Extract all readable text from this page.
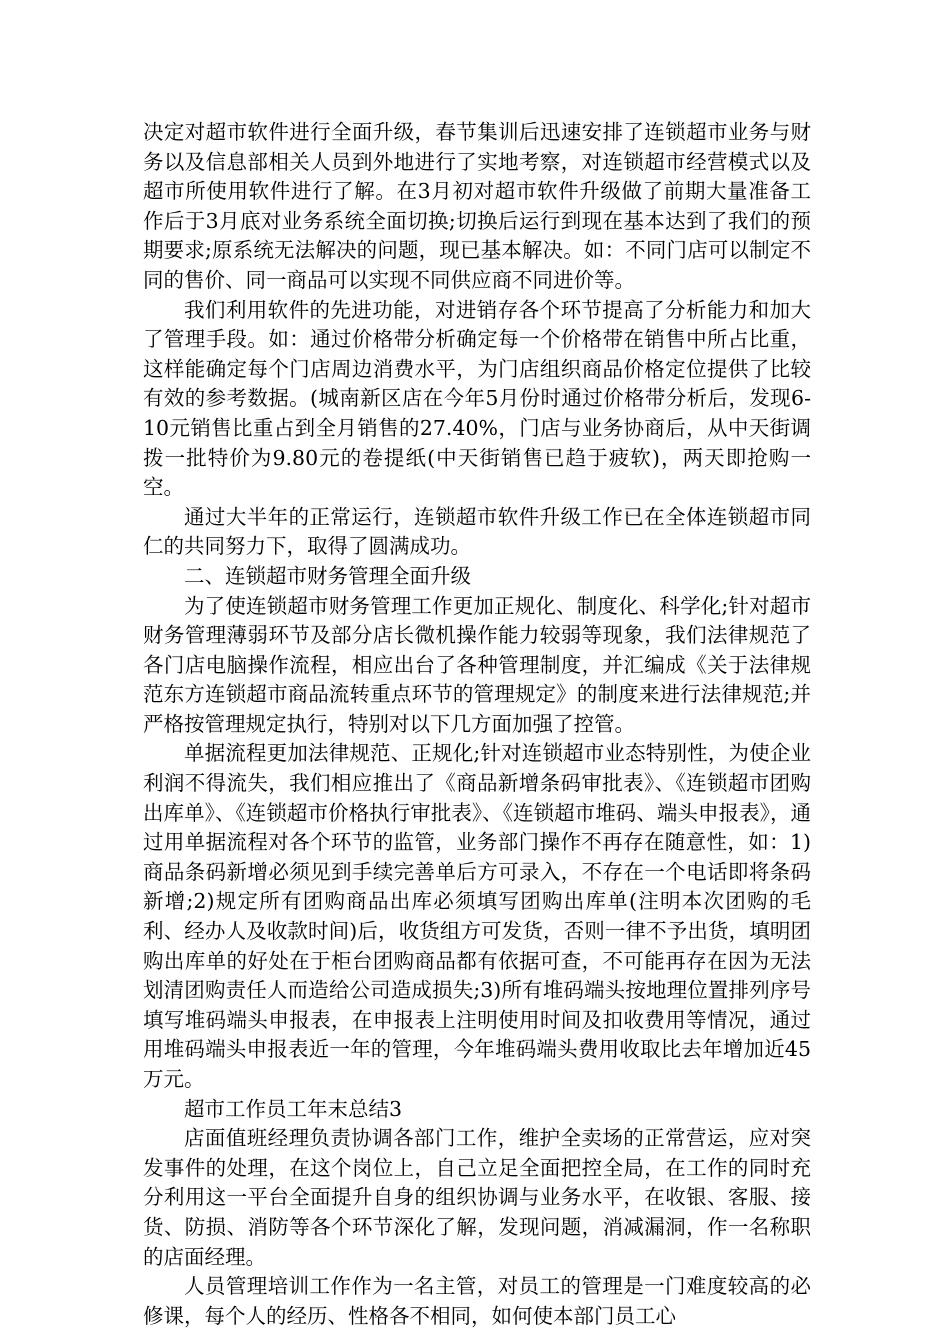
决定对超市软件进行全面升级，春节集训后迅速安排了连锁超市业务与财务以及信息部相关人员到外地进行了实地考察，对连锁超市经营模式以及超市所使用软件进行了解。在3月初对超市软件升级做了前期大量准备工作后于3月底对业务系统全面切换;切换后运行到现在基本达到了我们的预期要求;原系统无法解决的问题，现已基本解决。如：不同门店可以制定不同的售价、同一商品可以实现不同供应商不同进价等。

我们利用软件的先进功能，对进销存各个环节提高了分析能力和加大了管理手段。如：通过价格带分析确定每一个价格带在销售中所占比重，这样能确定每个门店周边消费水平，为门店组织商品价格定位提供了比较有效的参考数据。(城南新区店在今年5月份时通过价格带分析后，发现6-10元销售比重占到全月销售的27.40%，门店与业务协商后，从中天街调拨一批特价为9.80元的卷提纸(中天街销售已趋于疲软)，两天即抢购一空。

通过大半年的正常运行，连锁超市软件升级工作已在全体连锁超市同仁的共同努力下，取得了圆满成功。

二、连锁超市财务管理全面升级

为了使连锁超市财务管理工作更加正规化、制度化、科学化;针对超市财务管理薄弱环节及部分店长微机操作能力较弱等现象，我们法律规范了各门店电脑操作流程，相应出台了各种管理制度，并汇编成《关于法律规范东方连锁超市商品流转重点环节的管理规定》的制度来进行法律规范;并严格按管理规定执行，特别对以下几方面加强了控管。

单据流程更加法律规范、正规化;针对连锁超市业态特别性，为使企业利润不得流失，我们相应推出了《商品新增条码审批表》、《连锁超市团购出库单》、《连锁超市价格执行审批表》、《连锁超市堆码、端头申报表》，通过用单据流程对各个环节的监管，业务部门操作不再存在随意性，如：1)商品条码新增必须见到手续完善单后方可录入，不存在一个电话即将条码新增;2)规定所有团购商品出库必须填写团购出库单(注明本次团购的毛利、经办人及收款时间)后，收货组方可发货，否则一律不予出货，填明团购出库单的好处在于柜台团购商品都有依据可查，不可能再存在因为无法划清团购责任人而造给公司造成损失;3)所有堆码端头按地理位置排列序号填写堆码端头申报表，在申报表上注明使用时间及扣收费用等情况，通过用堆码端头申报表近一年的管理，今年堆码端头费用收取比去年增加近45万元。

超市工作员工年末总结3

店面值班经理负责协调各部门工作，维护全卖场的正常营运，应对突发事件的处理，在这个岗位上，自己立足全面把控全局，在工作的同时充分利用这一平台全面提升自身的组织协调与业务水平，在收银、客服、接货、防损、消防等各个环节深化了解，发现问题，消减漏洞，作一名称职的店面经理。

人员管理培训工作作为一名主管，对员工的管理是一门难度较高的必修课，每个人的经历、性格各不相同，如何使本部门员工心
